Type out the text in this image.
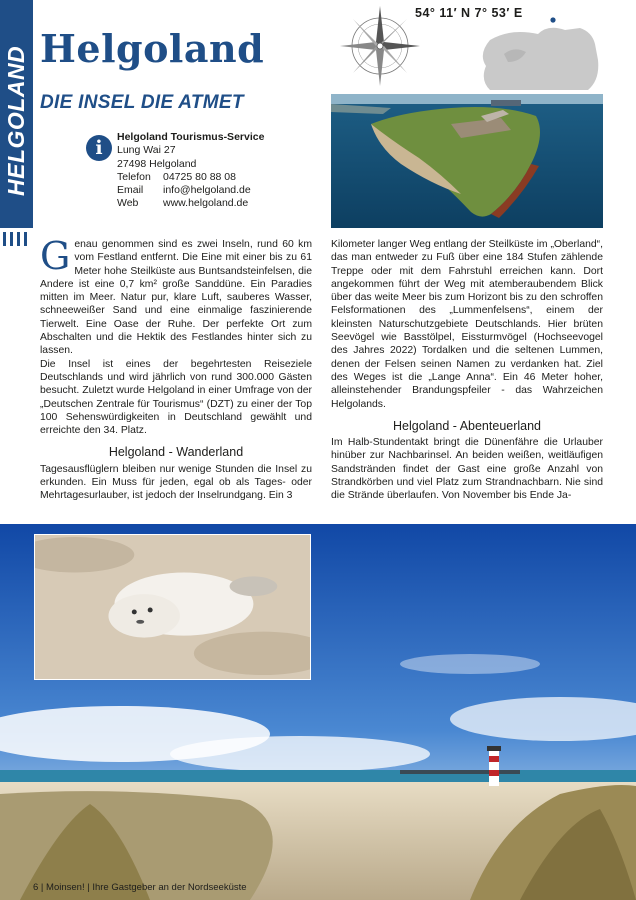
HELGOLAND Helgoland
DIE INSEL DIE ATMET
i	Helgoland Tourismus-Service
Lung Wai 27
27498 Helgoland
Telefon 04725 80 88 08
Email info@helgoland.de
Web www.helgoland.de
54° 11′ N 7° 53′ E

Genau genommen sind es zwei Inseln, rund 60 km vom Festland entfernt. Die Eine mit einer bis zu 61 Meter hohe Steilküste aus Buntsandsteinfelsen, die Andere ist eine 0,7 km² große Sanddüne. Ein Paradies mitten im Meer. Natur pur, klare Luft, sauberes Wasser, schneeweißer Sand und eine einmalige faszinierende Tierwelt. Eine Oase der Ruhe. Der perfekte Ort zum Abschalten und die Hektik des Festlandes hinter sich zu lassen.

Die Insel ist eines der begehrtesten Reiseziele Deutschlands und wird jährlich von rund 300.000 Gästen besucht. Zuletzt wurde Helgoland in einer Umfrage von der „Deutschen Zentrale für Tourismus“ (DZT) zu einer der Top 100 Sehenswürdigkeiten in Deutschland gewählt und erreichte den 34. Platz.

Helgoland - Wanderland

Tagesausflüglern bleiben nur wenige Stunden die Insel zu erkunden. Ein Muss für jeden, egal ob als Tages- oder Mehrtagesurlauber, ist jedoch der Inselrundgang. Ein 3

Kilometer langer Weg entlang der Steilküste im „Oberland“, das man entweder zu Fuß über eine 184 Stufen zählende Treppe oder mit dem Fahrstuhl erreichen kann. Dort angekommen führt der Weg mit atemberaubendem Blick über das weite Meer bis zum Horizont bis zu den schroffen Felsformationen des „Lummenfelsens“, einem der kleinsten Naturschutzgebiete Deutschlands. Hier brüten Seevögel wie Basstölpel, Eissturmvögel (Hochseevogel des Jahres 2022) Tordalken und die seltenen Lummen, denen der Felsen seinen Namen zu verdanken hat. Ziel des Weges ist die „Lange Anna“. Ein 46 Meter hoher, alleinstehender Brandungspfeiler - das Wahrzeichen Helgolands.

Helgoland - Abenteuerland

Im Halb-Stundentakt bringt die Dünenfähre die Urlauber hinüber zur Nachbarinsel. An beiden weißen, weitläufigen Sandstränden findet der Gast eine große Anzahl von Strandkörben und viel Platz zum Strandnachbarn. Nie sind die Strände überlaufen. Von November bis Ende Ja-

6 | Moinsen! | Ihre Gastgeber an der Nordseeküste
